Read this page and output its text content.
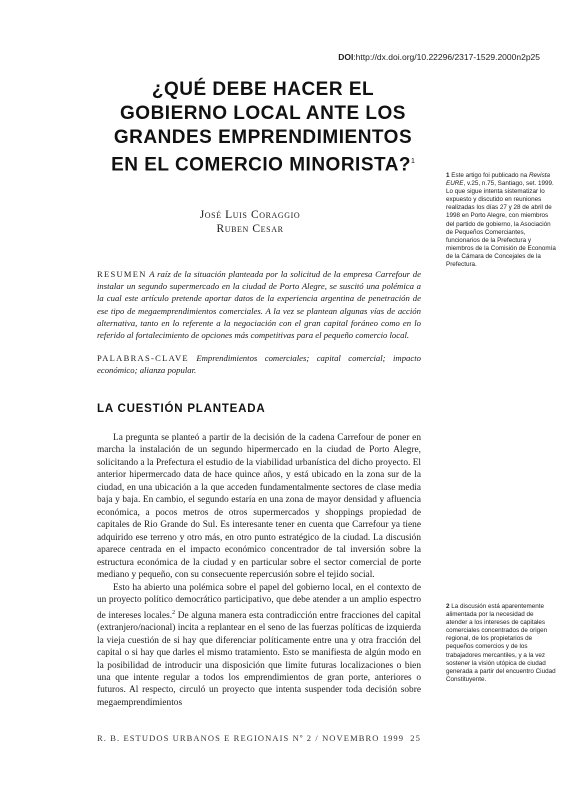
DOI:http://dx.doi.org/10.22296/2317-1529.2000n2p25
¿QUÉ DEBE HACER EL
GOBIERNO LOCAL ANTE LOS
GRANDES EMPRENDIMIENTOS
EN EL COMERCIO MINORISTA?$^1$
José Luis Coraggio
Ruben Cesar
1 Este artigo foi publicado na Revista EURE, v.25, n.75, Santiago, set. 1999. Lo que sigue intenta sistematizar lo expuesto y discutido en reuniones realizadas los días 27 y 28 de abril de 1998 en Porto Alegre, con miembros del partido de gobierno, la Asociación de Pequeños Comerciantes, funcionarios de la Prefectura y miembros de la Comisión de Economía de la Cámara de Concejales de la Prefectura.
RESUMEN A raíz de la situación planteada por la solicitud de la empresa Carrefour de instalar un segundo supermercado en la ciudad de Porto Alegre, se suscitó una polémica a la cual este artículo pretende aportar datos de la experiencia argentina de penetración de ese tipo de megaemprendimientos comerciales. A la vez se plantean algunas vías de acción alternativa, tanto en lo referente a la negociación con el gran capital foráneo como en lo referido al fortalecimiento de opciones más competitivas para el pequeño comercio local.
PALABRAS-CLAVE Emprendimientos comerciales; capital comercial; impacto económico; alianza popular.
LA CUESTIÓN PLANTEADA

La pregunta se planteó a partir de la decisión de la cadena Carrefour de poner en marcha la instalación de un segundo hipermercado en la ciudad de Porto Alegre, solicitando a la Prefectura el estudio de la viabilidad urbanística del dicho proyecto. El anterior hipermercado data de hace quince años, y está ubicado en la zona sur de la ciudad, en una ubicación a la que acceden fundamentalmente sectores de clase media baja y baja. En cambio, el segundo estaría en una zona de mayor densidad y afluencia económica, a pocos metros de otros supermercados y shoppings propiedad de capitales de Rio Grande do Sul. Es interesante tener en cuenta que Carrefour ya tiene adquirido ese terreno y otro más, en otro punto estratégico de la ciudad. La discusión aparece centrada en el impacto económico concentrador de tal inversión sobre la estructura económica de la ciudad y en particular sobre el sector comercial de porte mediano y pequeño, con su consecuente repercusión sobre el tejido social.

Esto ha abierto una polémica sobre el papel del gobierno local, en el contexto de un proyecto político democrático participativo, que debe atender a un amplio espectro de intereses locales.$^2$ De alguna manera esta contradicción entre fracciones del capital (extranjero/nacional) incita a replantear en el seno de las fuerzas políticas de izquierda la vieja cuestión de si hay que diferenciar políticamente entre una y otra fracción del capital o si hay que darles el mismo tratamiento. Esto se manifiesta de algún modo en la posibilidad de introducir una disposición que limite futuras localizaciones o bien una que intente regular a todos los emprendimientos de gran porte, anteriores o futuros. Al respecto, circuló un proyecto que intenta suspender toda decisión sobre megaemprendimientos

2 La discusión está aparentemente alimentada por la necesidad de atender a los intereses de capitales comerciales concentrados de origen regional, de los propietarios de pequeños comercios y de los trabajadores mercantiles, y a la vez sostener la visión utópica de ciudad generada a partir del encuentro Ciudad Constituyente.
R. B. ESTUDOS URBANOS E REGIONAIS Nº 2 / NOVEMBRO 1999 25
